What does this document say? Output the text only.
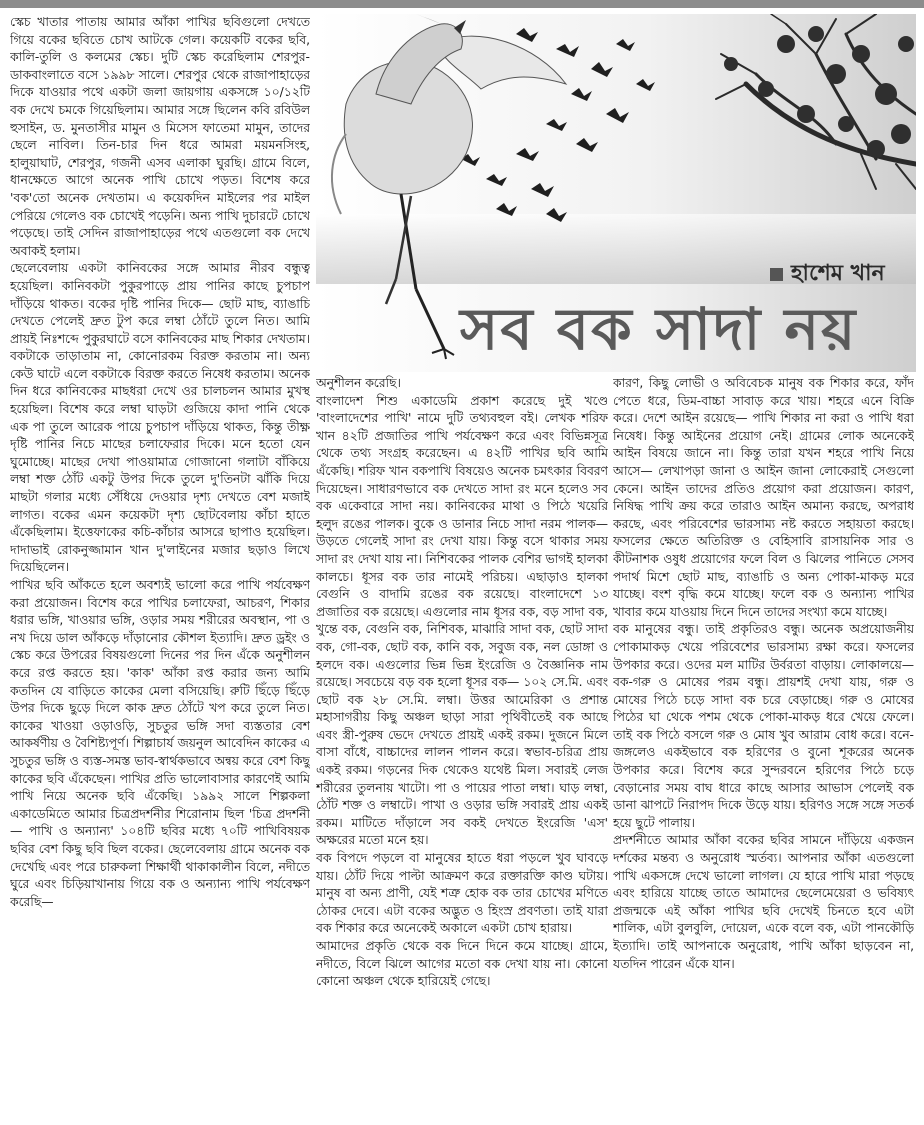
স্কেচ খাতার পাতায় আমার আঁকা পাখির ছবিগুলো দেখতে গিয়ে বকের ছবিতে চোখ আটকে গেল। কয়েকটি বকের ছবি, কালি-তুলি ও কলমের স্কেচ। দুটি স্কেচ করেছিলাম শেরপুর-ডাকবাংলাতে বসে ১৯৯৮ সালে। শেরপুর থেকে রাজাপাহাড়ের দিকে যাওয়ার পথে একটা জলা জায়গায় একসঙ্গে ১০/১২টি বক দেখে চমকে গিয়েছিলাম। আমার সঙ্গে ছিলেন কবি রবিউল হুসাইন, ড. মুনতাসীর মামুন ও মিসেস ফাতেমা মামুন, তাদের ছেলে নাবিল। তিন-চার দিন ধরে আমরা ময়মনসিংহ, হালুয়াঘাট, শেরপুর, গজনী এসব এলাকা ঘুরছি। গ্রামে বিলে, ধানক্ষেতে আগে অনেক পাখি চোখে পড়ত। বিশেষ করে 'বক'তো অনেক দেখতাম। এ কয়েকদিন মাইলের পর মাইল পেরিয়ে গেলেও বক চোখেই পড়েনি। অন্য পাখি দুচারটে চোখে পড়েছে। তাই সেদিন রাজাপাহাড়ের পথে এতগুলো বক দেখে অবাকই হলাম।

ছেলেবেলায় একটা কানিবকের সঙ্গে আমার নীরব বন্ধুত্ব হয়েছিল। কানিবকটা পুকুরপাড়ে প্রায় পানির কাছে চুপচাপ দাঁড়িয়ে থাকত। বকের দৃষ্টি পানির দিকে— ছোট মাছ, ব্যাঙাচি দেখতে পেলেই দ্রুত টুপ করে লম্বা ঠোঁটে তুলে নিত। আমি প্রায়ই নিঃশব্দে পুকুরঘাটে বসে কানিবকের মাছ শিকার দেখতাম। বকটাকে তাড়াতাম না, কোনোরকম বিরক্ত করতাম না। অন্য কেউ ঘাটে এলে বকটাকে বিরক্ত করতে নিষেধ করতাম। অনেক দিন ধরে কানিবকের মাছধরা দেখে ওর চালচলন আমার মুখস্থ হয়েছিল। বিশেষ করে লম্বা ঘাড়টা গুজিয়ে কাদা পানি থেকে এক পা তুলে আরেক পায়ে চুপচাপ দাঁড়িয়ে থাকত, কিন্তু তীক্ষ্ণ দৃষ্টি পানির নিচে মাছের চলাফেরার দিকে। মনে হতো যেন ঘুমোচ্ছে। মাছের দেখা পাওয়ামাত্র গোজানো গলাটা বাঁকিয়ে লম্বা শক্ত ঠোঁট একটু উপর দিকে তুলে দু'তিনটা ঝাঁকি দিয়ে মাছটা গলার মধ্যে সেঁধিয়ে দেওয়ার দৃশ্য দেখতে বেশ মজাই লাগত। বকের এমন কয়েকটা দৃশ্য ছোটবেলায় কাঁচা হাতে এঁকেছিলাম। ইত্তেফাকের কচি-কাঁচার আসরে ছাপাও হয়েছিল। দাদাভাই রোকনুজ্জামান খান দু'লাইনের মজার ছড়াও লিখে দিয়েছিলেন।

পাখির ছবি আঁকতে হলে অবশ্যই ভালো করে পাখি পর্যবেক্ষণ করা প্রয়োজন। বিশেষ করে পাখির চলাফেরা, আচরণ, শিকার ধরার ভঙ্গি, খাওয়ার ভঙ্গি, ওড়ার সময় শরীরের অবস্থান, পা ও নখ দিয়ে ডাল আঁকড়ে দাঁড়ানোর কৌশল ইত্যাদি। দ্রুত ড্রইং ও স্কেচ করে উপরের বিষয়গুলো দিনের পর দিন এঁকে অনুশীলন করে রপ্ত করতে হয়। 'কাক' আঁকা রপ্ত করার জন্য আমি কতদিন যে বাড়িতে কাকের মেলা বসিয়েছি। রুটি ছিঁড়ে ছিঁড়ে উপর দিকে ছুড়ে দিলে কাক দ্রুত ঠোঁটে খপ করে তুলে নিত। কাকের খাওয়া ওড়াওড়ি, সুচতুর ভঙ্গি সদা ব্যস্ততার বেশ আকর্ষণীয় ও বৈশিষ্ট্যপূর্ণ। শিল্পাচার্য জয়নুল আবেদিন কাকের এ সুচতুর ভঙ্গি ও ব্যস্ত-সমস্ত ভাব-স্বার্থকভাবে অন্বয় করে বেশ কিছু কাকের ছবি এঁকেছেন। পাখির প্রতি ভালোবাসার কারণেই আমি পাখি নিয়ে অনেক ছবি এঁকেছি। ১৯৯২ সালে শিল্পকলা একাডেমিতে আমার চিত্রপ্রদর্শনীর শিরোনাম ছিল 'চিত্র প্রদর্শনী— পাখি ও অন্যান্য' ১০৪টি ছবির মধ্যে ৭০টি পাখিবিষয়ক ছবির বেশ কিছু ছবি ছিল বকের। ছেলেবেলায় গ্রামে অনেক বক দেখেছি এবং পরে চারুকলা শিক্ষার্থী থাকাকালীন বিলে, নদীতে ঘুরে এবং চিড়িয়াখানায় গিয়ে বক ও অন্যান্য পাখি পর্যবেক্ষণ করেছি—

হাশেম খান
সব বক সাদা নয়

অনুশীলন করেছি।

বাংলাদেশ শিশু একাডেমি প্রকাশ করেছে দুই খণ্ডে 'বাংলাদেশের পাখি' নামে দুটি তথ্যবহুল বই। লেখক শরিফ খান ৪২টি প্রজাতির পাখি পর্যবেক্ষণ করে এবং বিভিন্নসূত্র থেকে তথ্য সংগ্রহ করেছেন। এ ৪২টি পাখির ছবি আমি এঁকেছি। শরিফ খান বকপাখি বিষয়েও অনেক চমৎকার বিবরণ দিয়েছেন। সাধারণভাবে বক দেখতে সাদা রং মনে হলেও সব বক একেবারে সাদা নয়। কানিবকের মাথা ও পিঠে খয়েরি হলুদ রঙের পালক। বুকে ও ডানার নিচে সাদা নরম পালক— উড়তে গেলেই সাদা রং দেখা যায়। কিন্তু বসে থাকার সময় সাদা রং দেখা যায় না। নিশিবকের পালক বেশির ভাগই হালকা কালচে। ধূসর বক তার নামেই পরিচয়। এছাড়াও হালকা বেগুনি ও বাদামি রঙের বক রয়েছে। বাংলাদেশে ১৩ প্রজাতির বক রয়েছে। এগুলোর নাম ধূসর বক, বড় সাদা বক, খুন্তে বক, বেগুনি বক, নিশিবক, মাঝারি সাদা বক, ছোট সাদা বক, গো-বক, ছোট বক, কানি বক, সবুজ বক, নল ডোঙ্গা ও হলদে বক। এগুলোর ভিন্ন ভিন্ন ইংরেজি ও বৈজ্ঞানিক নাম রয়েছে। সবচেয়ে বড় বক হলো ধূসর বক— ১০২ সে.মি. এবং ছোট বক ২৮ সে.মি. লম্বা। উত্তর আমেরিকা ও প্রশান্ত মহাসাগরীয় কিছু অঞ্চল ছাড়া সারা পৃথিবীতেই বক আছে এবং স্ত্রী-পুরুষ ভেদে দেখতে প্রায়ই একই রকম। দুজনে মিলে বাসা বাঁধে, বাচ্চাদের লালন পালন করে। স্বভাব-চরিত্র প্রায় একই রকম। গড়নের দিক থেকেও যথেষ্ট মিল। সবারই লেজ শরীরের তুলনায় খাটো। পা ও পায়ের পাতা লম্বা। ঘাড় লম্বা, ঠোঁট শক্ত ও লম্বাটে। পাখা ও ওড়ার ভঙ্গি সবারই প্রায় একই রকম। মাটিতে দাঁড়ালে সব বকই দেখতে ইংরেজি 'এস' অক্ষরের মতো মনে হয়।

বক বিপদে পড়লে বা মানুষের হাতে ধরা পড়লে খুব ঘাবড়ে যায়। ঠোঁট দিয়ে পাল্টা আক্রমণ করে রক্তারক্তি কাণ্ড ঘটায়। মানুষ বা অন্য প্রাণী, যেই শত্রু হোক বক তার চোখের মণিতে ঠোকর দেবে। এটা বকের অদ্ভুত ও হিংস্র প্রবণতা। তাই যারা বক শিকার করে অনেকেই অকালে একটা চোখ হারায়।

আমাদের প্রকৃতি থেকে বক দিনে দিনে কমে যাচ্ছে। গ্রামে, নদীতে, বিলে ঝিলে আগের মতো বক দেখা যায় না। কোনো কোনো অঞ্চল থেকে হারিয়েই গেছে।

কারণ, কিছু লোভী ও অবিবেচক মানুষ বক শিকার করে, ফাঁদ পেতে ধরে, ডিম-বাচ্চা সাবাড় করে খায়। শহরে এনে বিক্রি করে। দেশে আইন রয়েছে— পাখি শিকার না করা ও পাখি ধরা নিষেধ। কিন্তু আইনের প্রয়োগ নেই। গ্রামের লোক অনেকেই আইন বিষয়ে জানে না। কিন্তু তারা যখন শহরে পাখি নিয়ে আসে— লেখাপড়া জানা ও আইন জানা লোকেরাই সেগুলো কেনে। আইন তাদের প্রতিও প্রয়োগ করা প্রয়োজন। কারণ, নিষিদ্ধ পাখি ক্রয় করে তারাও আইন অমান্য করছে, অপরাধ করছে, এবং পরিবেশের ভারসাম্য নষ্ট করতে সহায়তা করছে। ফসলের ক্ষেতে অতিরিক্ত ও বেহিসাবি রাসায়নিক সার ও কীটনাশক ওষুধ প্রয়োগের ফলে বিল ও ঝিলের পানিতে সেসব পদার্থ মিশে ছোট মাছ, ব্যাঙাচি ও অন্য পোকা-মাকড় মরে যাচ্ছে। বংশ বৃদ্ধি কমে যাচ্ছে। ফলে বক ও অন্যান্য পাখির খাবার কমে যাওয়ায় দিনে দিনে তাদের সংখ্যা কমে যাচ্ছে।

বক মানুষের বন্ধু। তাই প্রকৃতিরও বন্ধু। অনেক অপ্রয়োজনীয় পোকামাকড় খেয়ে পরিবেশের ভারসাম্য রক্ষা করে। ফসলের উপকার করে। ওদের মল মাটির উর্বরতা বাড়ায়। লোকালয়ে— বক-গরু ও মোষের পরম বন্ধু। প্রায়শই দেখা যায়, গরু ও মোষের পিঠে চড়ে সাদা বক চরে বেড়াচ্ছে। গরু ও মোষের পিঠের ঘা থেকে পশম থেকে পোকা-মাকড় ধরে খেয়ে ফেলে। তাই বক পিঠে বসলে গরু ও মোষ খুব আরাম বোধ করে। বনে-জঙ্গলেও একইভাবে বক হরিণের ও বুনো শূকরের অনেক উপকার করে। বিশেষ করে সুন্দরবনে হরিণের পিঠে চড়ে বেড়ানোর সময় বাঘ ধারে কাছে আসার আভাস পেলেই বক ডানা ঝাপটে নিরাপদ দিকে উড়ে যায়। হরিণও সঙ্গে সঙ্গে সতর্ক হয়ে ছুটে পালায়।

প্রদর্শনীতে আমার আঁকা বকের ছবির সামনে দাঁড়িয়ে একজন দর্শকের মন্তব্য ও অনুরোধ স্মর্তব্য। আপনার আঁকা এতগুলো পাখি একসঙ্গে দেখে ভালো লাগল। যে হারে পাখি মারা পড়ছে এবং হারিয়ে যাচ্ছে তাতে আমাদের ছেলেমেয়েরা ও ভবিষ্যৎ প্রজন্মকে এই আঁকা পাখির ছবি দেখেই চিনতে হবে এটা শালিক, এটা বুলবুলি, দোয়েল, একে বলে বক, এটা পানকৌড়ি ইত্যাদি। তাই আপনাকে অনুরোধ, পাখি আঁকা ছাড়বেন না, যতদিন পারেন এঁকে যান।
